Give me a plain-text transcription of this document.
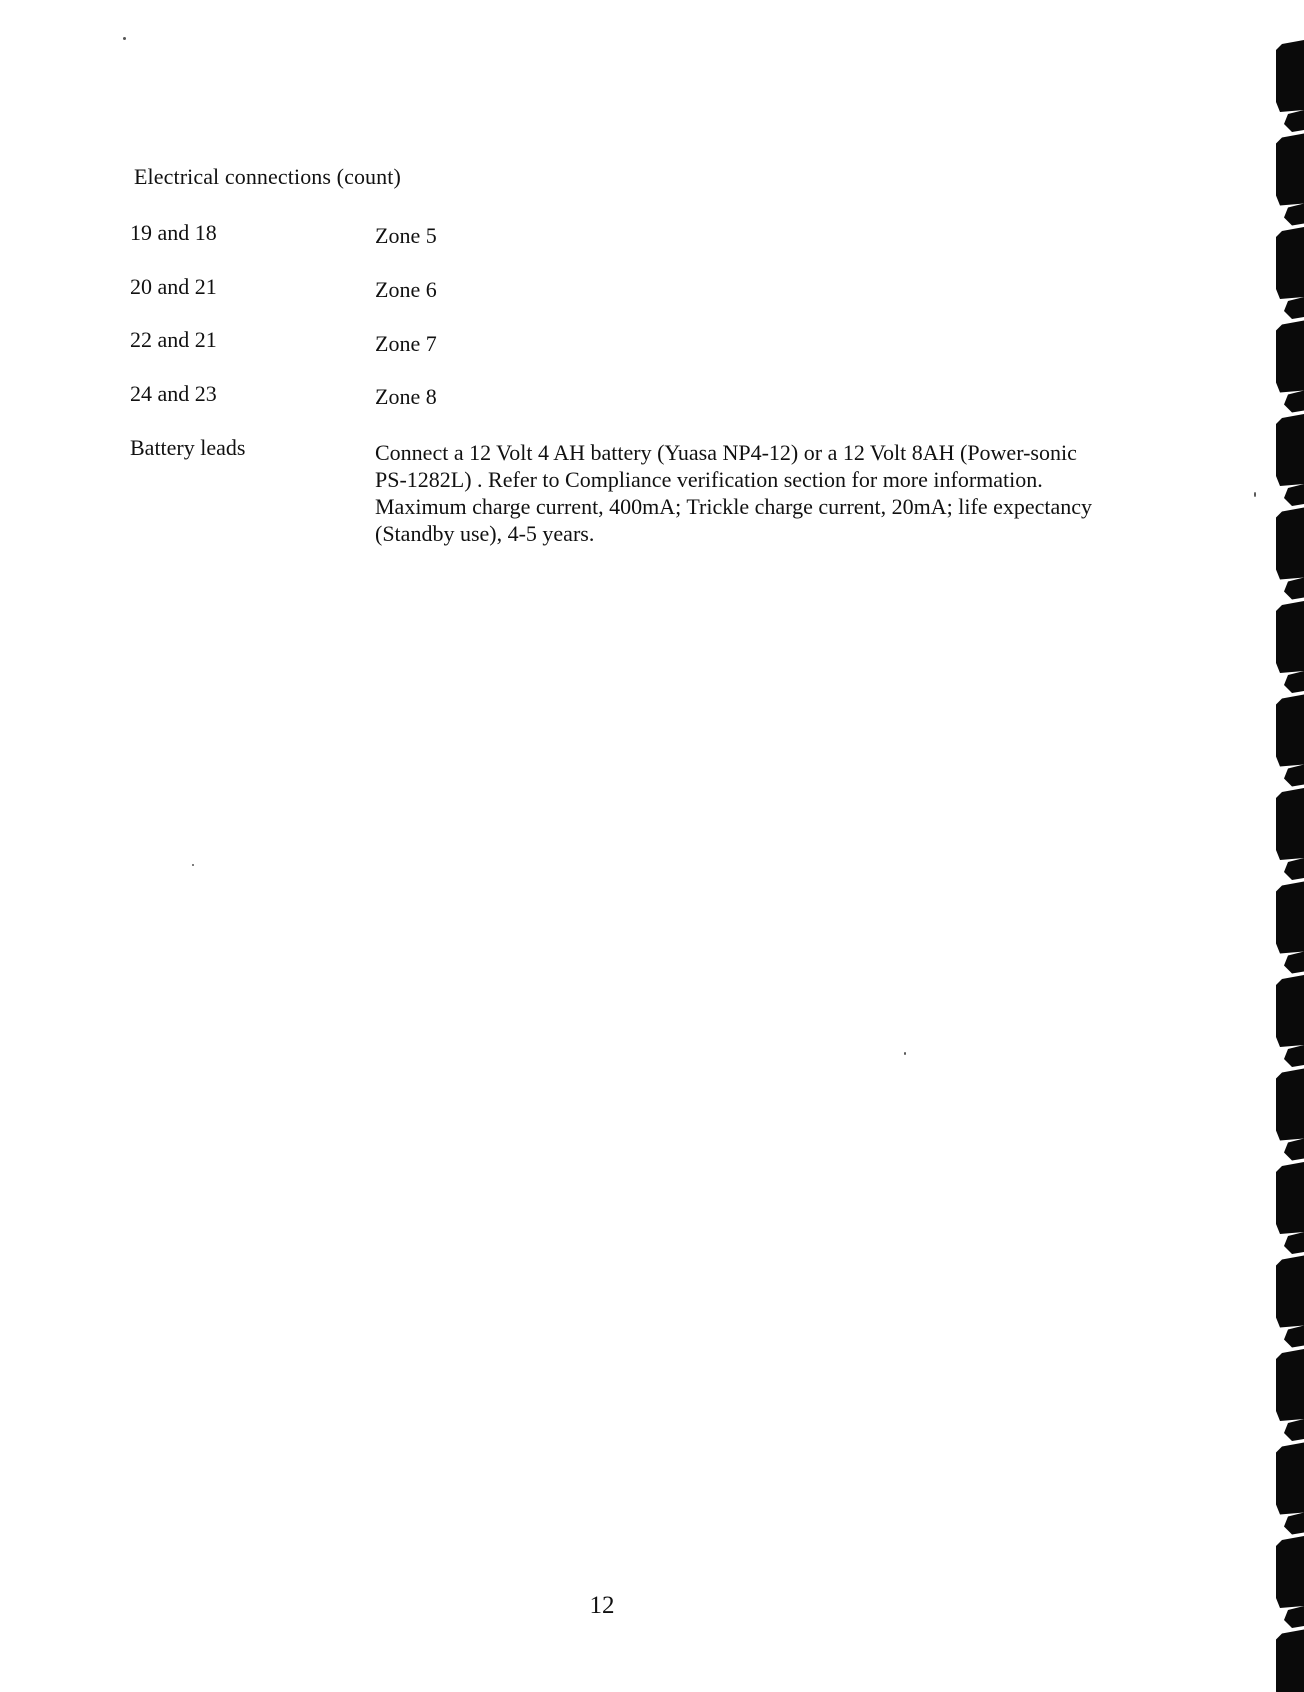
Electrical connections (count)
19 and 18	Zone 5
20 and 21	Zone 6
22 and 21	Zone 7
24 and 23	Zone 8
Battery leads	Connect a 12 Volt 4 AH battery (Yuasa NP4-12) or a 12 Volt 8AH (Power-sonic PS-1282L) . Refer to Compliance verification section for more information. Maximum charge current, 400mA; Trickle charge current, 20mA; life expectancy (Standby use), 4-5 years.
12
